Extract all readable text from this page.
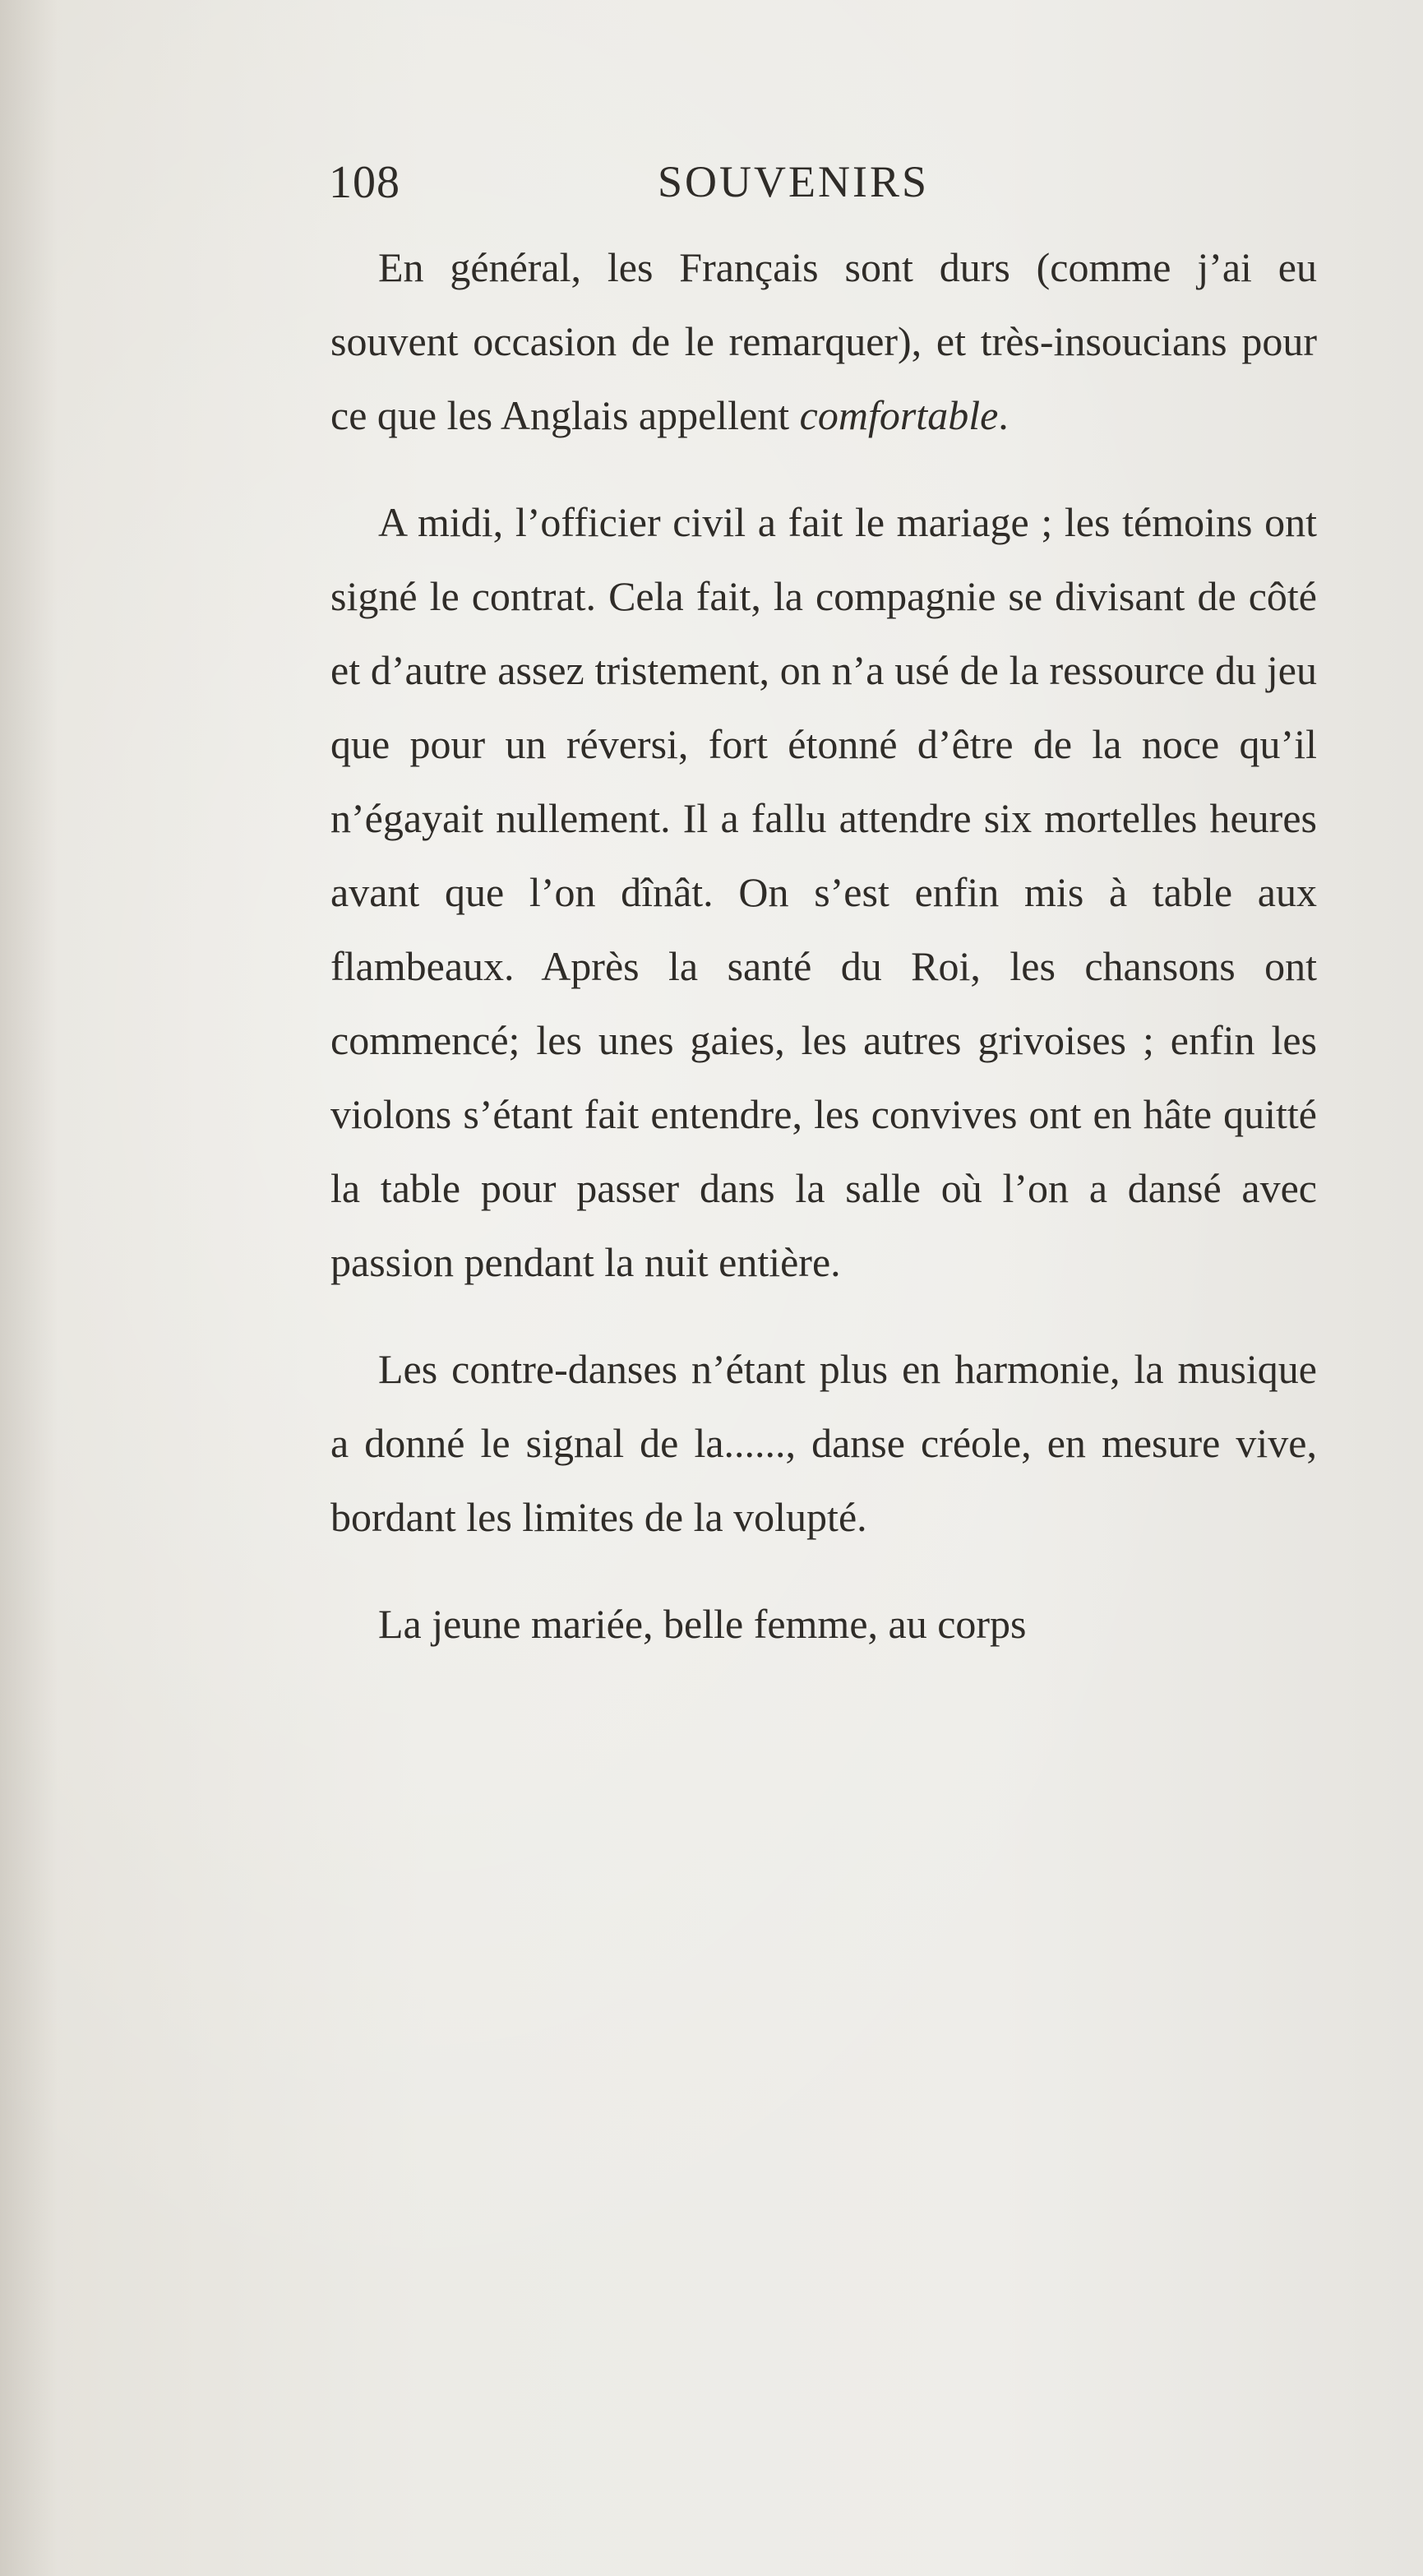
108	SOUVENIRS

En général, les Français sont durs (comme j’ai eu souvent occasion de le remarquer), et très-insoucians pour ce que les Anglais appellent comfortable.

A midi, l’officier civil a fait le mariage ; les témoins ont signé le contrat. Cela fait, la compagnie se divisant de côté et d’autre assez tristement, on n’a usé de la ressource du jeu que pour un réversi, fort étonné d’être de la noce qu’il n’égayait nullement. Il a fallu attendre six mortelles heures avant que l’on dînât. On s’est enfin mis à table aux flambeaux. Après la santé du Roi, les chansons ont commencé; les unes gaies, les autres grivoises ; enfin les violons s’étant fait entendre, les convives ont en hâte quitté la table pour passer dans la salle où l’on a dansé avec passion pendant la nuit entière.

Les contre-danses n’étant plus en harmonie, la musique a donné le signal de la......, danse créole, en mesure vive, bordant les limites de la volupté.

La jeune mariée, belle femme, au corps
